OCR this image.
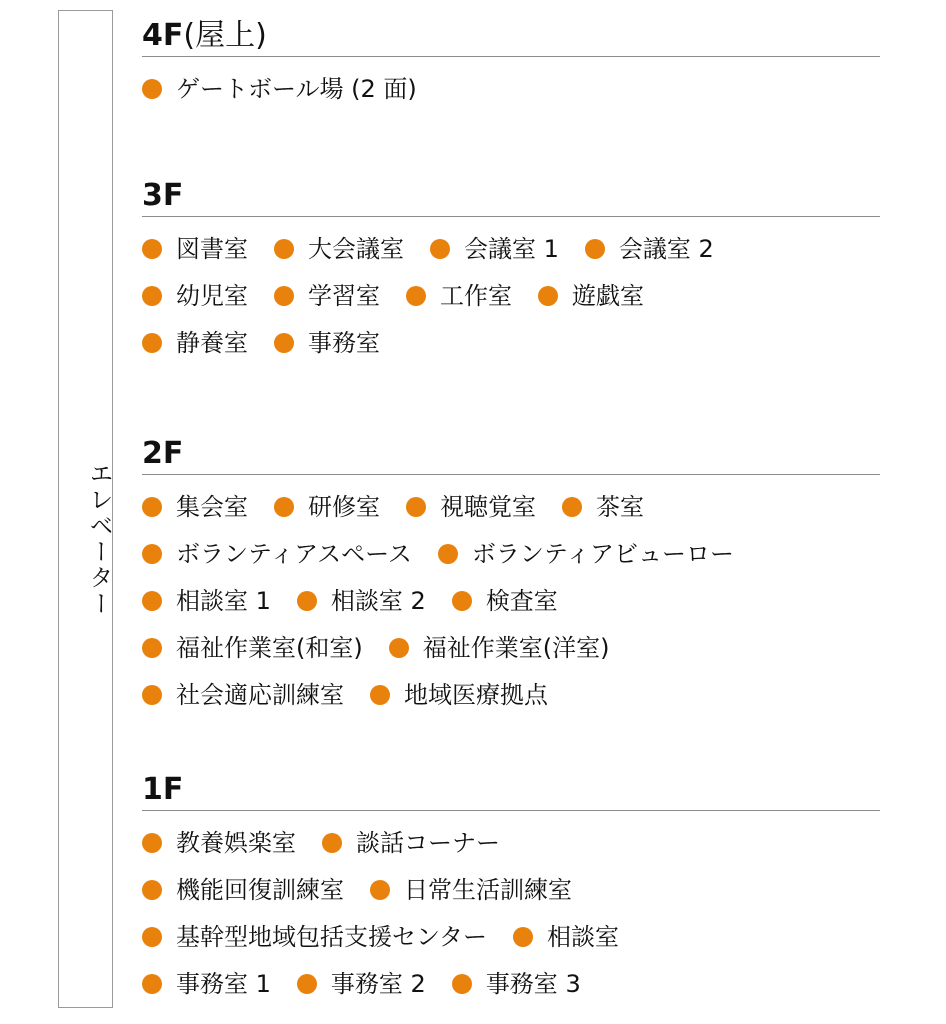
エレベーター
4F(屋上)
ゲートボール場 (2 面)
3F
図書室	大会議室	会議室 1	会議室 2
幼児室	学習室	工作室	遊戯室
静養室	事務室
2F
集会室	研修室	視聴覚室	茶室
ボランティアスペース	ボランティアビューロー
相談室 1	相談室 2	検査室
福祉作業室(和室)	福祉作業室(洋室)
社会適応訓練室	地域医療拠点
1F
教養娯楽室	談話コーナー
機能回復訓練室	日常生活訓練室
基幹型地域包括支援センター	相談室
事務室 1	事務室 2	事務室 3
